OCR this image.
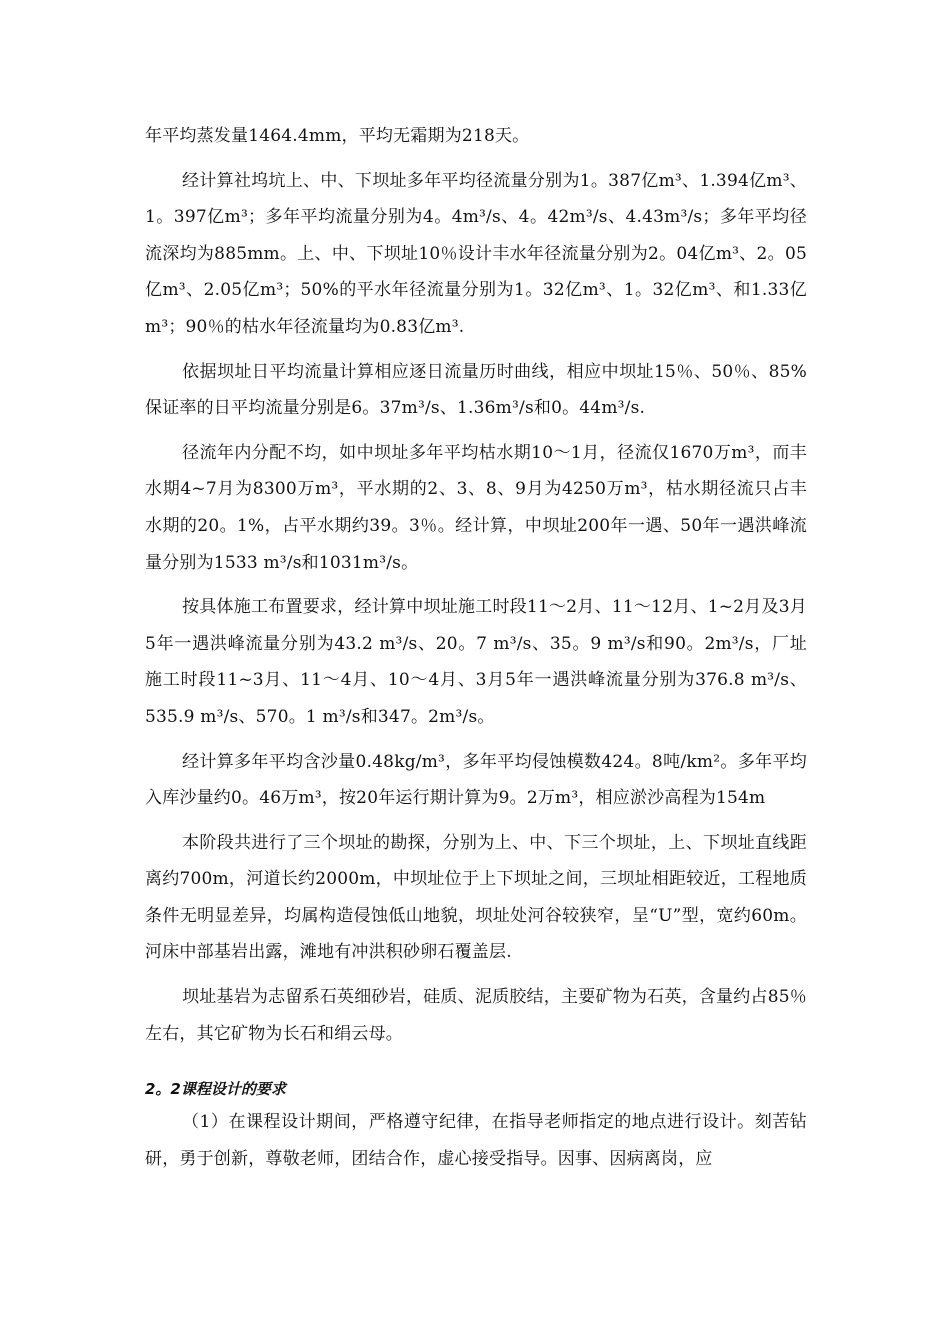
年平均蒸发量1464.4mm，平均无霜期为218天。

经计算社坞坑上、中、下坝址多年平均径流量分别为1。387亿m³、1.394亿m³、1。397亿m³；多年平均流量分别为4。4m³/s、4。42m³/s、4.43m³/s；多年平均径流深均为885mm。上、中、下坝址10％设计丰水年径流量分别为2。04亿m³、2。05亿m³、2.05亿m³；50%的平水年径流量分别为1。32亿m³、1。32亿m³、和1.33亿m³；90％的枯水年径流量均为0.83亿m³.

依据坝址日平均流量计算相应逐日流量历时曲线，相应中坝址15％、50％、85%保证率的日平均流量分别是6。37m³/s、1.36m³/s和0。44m³/s.

径流年内分配不均，如中坝址多年平均枯水期10～1月，径流仅1670万m³，而丰水期4~7月为8300万m³，平水期的2、3、8、9月为4250万m³，枯水期径流只占丰水期的20。1%，占平水期约39。3％。经计算，中坝址200年一遇、50年一遇洪峰流量分别为1533 m³/s和1031m³/s。

按具体施工布置要求，经计算中坝址施工时段11～2月、11～12月、1~2月及3月5年一遇洪峰流量分别为43.2 m³/s、20。7 m³/s、35。9 m³/s和90。2m³/s，厂址施工时段11~3月、11～4月、10～4月、3月5年一遇洪峰流量分别为376.8 m³/s、535.9 m³/s、570。1 m³/s和347。2m³/s。

经计算多年平均含沙量0.48kg/m³，多年平均侵蚀模数424。8吨/km²。多年平均入库沙量约0。46万m³，按20年运行期计算为9。2万m³，相应淤沙高程为154m

本阶段共进行了三个坝址的勘探，分别为上、中、下三个坝址，上、下坝址直线距离约700m，河道长约2000m，中坝址位于上下坝址之间，三坝址相距较近，工程地质条件无明显差异，均属构造侵蚀低山地貌，坝址处河谷较狭窄，呈“U”型，宽约60m。河床中部基岩出露，滩地有冲洪积砂卵石覆盖层.

坝址基岩为志留系石英细砂岩，硅质、泥质胶结，主要矿物为石英，含量约占85％左右，其它矿物为长石和绢云母。

2。2课程设计的要求

（1）在课程设计期间，严格遵守纪律，在指导老师指定的地点进行设计。刻苦钻研，勇于创新，尊敬老师，团结合作，虚心接受指导。因事、因病离岗，应
